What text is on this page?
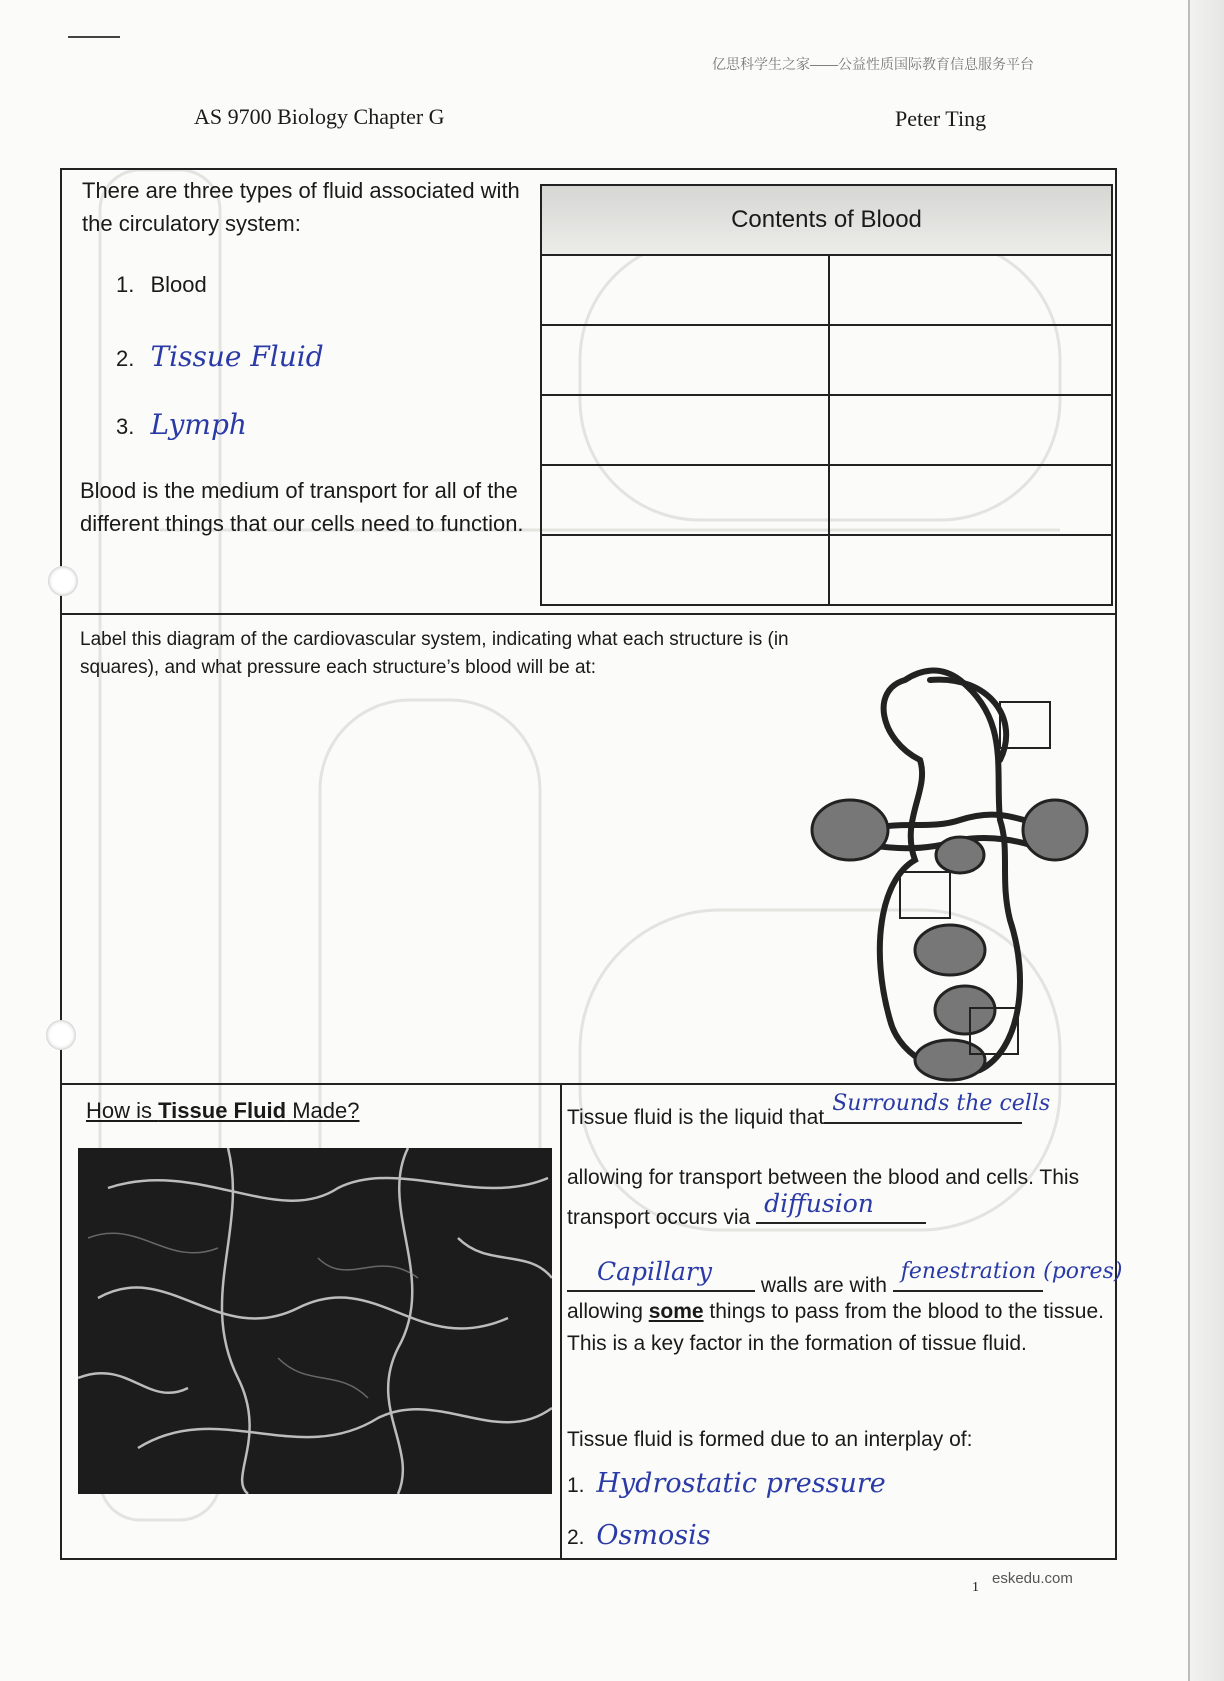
亿思科学生之家——公益性质国际教育信息服务平台
AS 9700 Biology Chapter G	Peter Ting
There are three types of fluid associated with the circulatory system:
1. Blood
2. Tissue Fluid
3. Lymph
Blood is the medium of transport for all of the different things that our cells need to function.
Contents of Blood	

Label this diagram of the cardiovascular system, indicating what each structure is (in squares), and what pressure each structure’s blood will be at:
How is Tissue Fluid Made?	Tissue fluid is the liquid that
Surrounds the cells
allowing for transport between the blood and cells. This transport occurs via diffusion
Capillary walls are with
fenestration (pores)
allowing some things to pass from the blood to the tissue. This is a key factor in the formation of tissue fluid.
Tissue fluid is formed due to an interplay of:
1. Hydrostatic pressure
2. Osmosis
1
eskedu.com
